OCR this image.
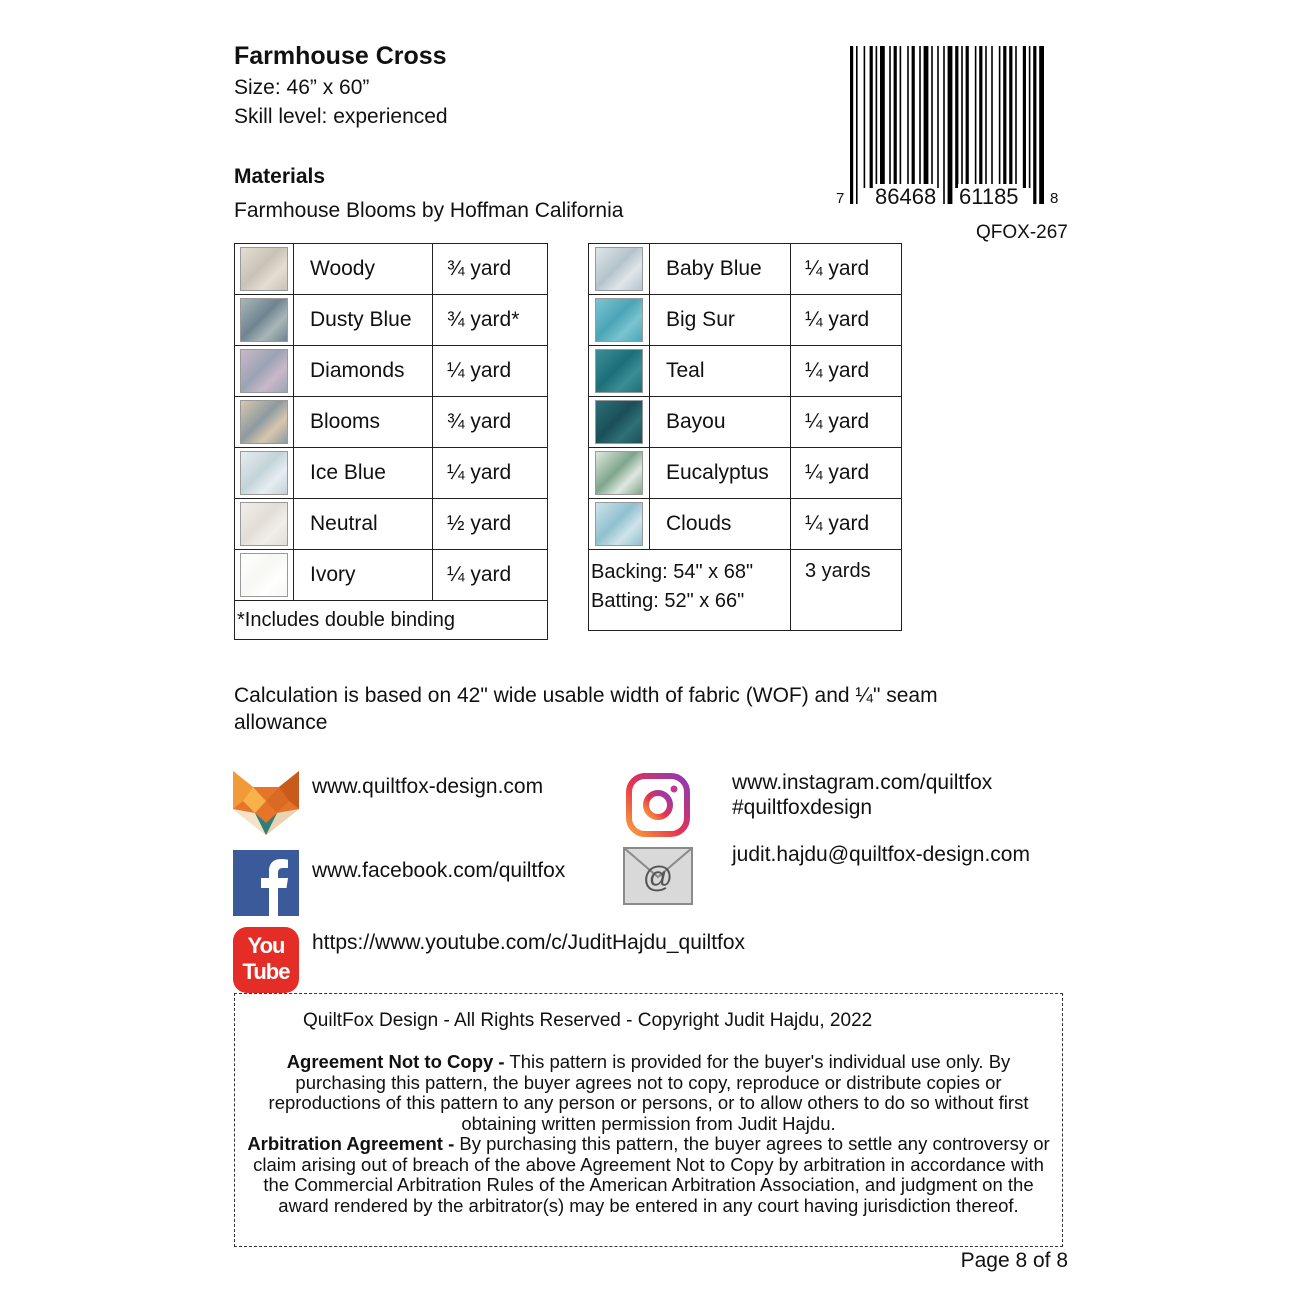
Farmhouse Cross
Size: 46” x 60”
Skill level: experienced
Materials
Farmhouse Blooms by Hoffman California
7 86468 61185 8
QFOX-267
	Woody	¾ yard

	Dusty Blue	¾ yard*

	Diamonds	¼ yard

	Blooms	¾ yard

	Ice Blue	¼ yard

	Neutral	½ yard

	Ivory	¼ yard
*Includes double binding		
	Baby Blue	¼ yard

	Big Sur	¼ yard

	Teal	¼ yard

	Bayou	¼ yard

	Eucalyptus	¼ yard

	Clouds	¼ yard

Backing: 54" x 68"
Batting: 52" x 66"		3 yards
Calculation is based on 42" wide usable width of fabric (WOF) and ¼" seam allowance
www.quiltfox-design.com	www.instagram.com/quiltfox
#quiltfoxdesign
www.facebook.com/quiltfox	@
judit.hajdu@quiltfox-design.com
You
Tube
https://www.youtube.com/c/JuditHajdu_quiltfox
QuiltFox Design - All Rights Reserved - Copyright Judit Hajdu, 2022
Agreement Not to Copy - This pattern is provided for the buyer's individual use only. By purchasing this pattern, the buyer agrees not to copy, reproduce or distribute copies or reproductions of this pattern to any person or persons, or to allow others to do so without first obtaining written permission from Judit Hajdu.
Arbitration Agreement - By purchasing this pattern, the buyer agrees to settle any controversy or claim arising out of breach of the above Agreement Not to Copy by arbitration in accordance with the Commercial Arbitration Rules of the American Arbitration Association, and judgment on the award rendered by the arbitrator(s) may be entered in any court having jurisdiction thereof.
Page 8 of 8
